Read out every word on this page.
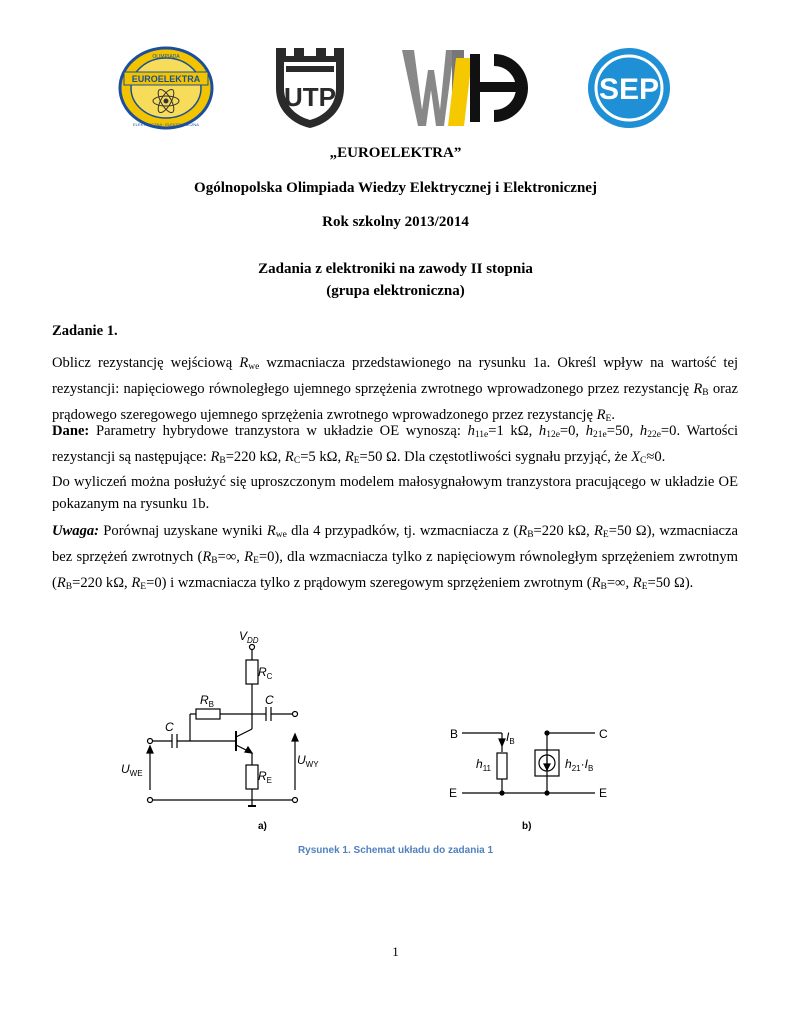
EUROELEKTRA
OLIMPIADA
ELEKTRYCZNA · ELEKTRONICZNA
UTP	SEP
„EUROELEKTRA”
Ogólnopolska Olimpiada Wiedzy Elektrycznej i Elektronicznej
Rok szkolny 2013/2014
Zadania z elektroniki na zawody II stopnia
(grupa elektroniczna)
Zadanie 1.
Oblicz rezystancję wejściową $R_{we}$ wzmacniacza przedstawionego na rysunku 1a. Określ wpływ na wartość tej
rezystancji: napięciowego równoległego ujemnego sprzężenia zwrotnego wprowadzonego przez rezystancję $R_B$ oraz
prądowego szeregowego ujemnego sprzężenia zwrotnego wprowadzonego przez rezystancję $R_E$.
Dane: Parametry hybrydowe tranzystora w układzie OE wynoszą: $h_{11e}=1$ kΩ, $h_{12e}=0$, $h_{21e}=50$, $h_{22e}=0$. Wartości
rezystancji są następujące: $R_B=220$ kΩ, $R_C=5$ kΩ, $R_E=50$ Ω. Dla częstotliwości sygnału przyjąć, że $X_C\approx 0$.
Do wyliczeń można posłużyć się uproszczonym modelem małosygnałowym tranzystora pracującego w układzie OE
pokazanym na rysunku 1b.
Uwaga: Porównaj uzyskane wyniki $R_{we}$ dla 4 przypadków, tj. wzmacniacza z ($R_B=220$ kΩ, $R_E=50$ Ω), wzmacniacza
bez sprzężeń zwrotnych ($R_B=\infty$, $R_E=0$), dla wzmacniacza tylko z napięciowym równoległym sprzężeniem zwrotnym
($R_B=220$ kΩ, $R_E=0$) i wzmacniacza tylko z prądowym szeregowym sprzężeniem zwrotnym ($R_B=\infty$, $R_E=50$ Ω).
$V_{DD}$
$R_C$
$R_B$	C
C
$U_{WE}$
$U_{WY}$
$R_E$
a)
B	C
E	E
$I_B$
$h_{11}$	$h_{21}\cdot I_B$
b)
Rysunek 1. Schemat układu do zadania 1
1
